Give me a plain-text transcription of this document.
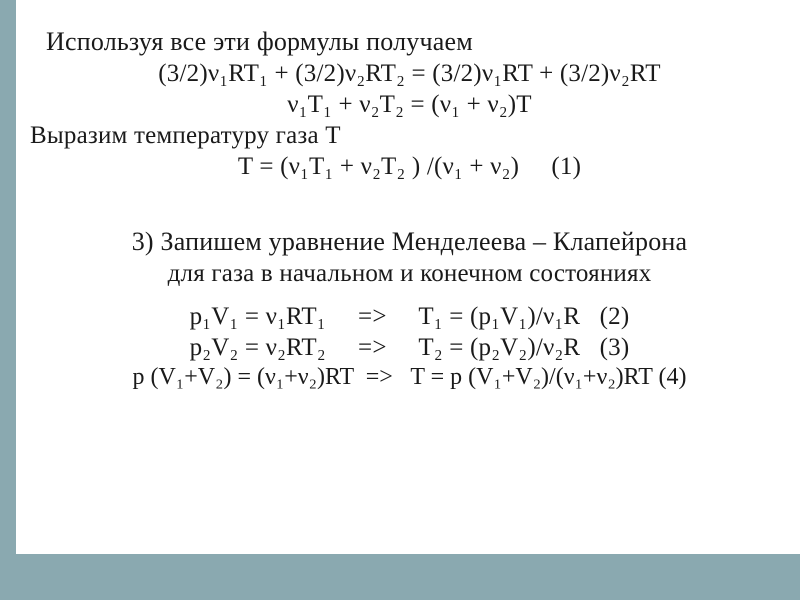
Используя все эти формулы получаем
(3/2)ν₁RT₁ + (3/2)ν₂RT₂ = (3/2)ν₁RT + (3/2)ν₂RT
ν₁T₁ + ν₂T₂ = (ν₁ + ν₂)T
Выразим температуру газа T
T = (ν₁T₁ + ν₂T₂ ) /(ν₁ + ν₂)     (1)
3) Запишем уравнение Менделеева – Клапейрона
для газа в начальном и конечном состояниях
p₁V₁ = ν₁RT₁     =>     T₁ = (p₁V₁)/ν₁R   (2)
p₂V₂ = ν₂RT₂     =>     T₂ = (p₂V₂)/ν₂R   (3)
p (V₁+V₂) = (ν₁+ν₂)RT  =>   T = p (V₁+V₂)/(ν₁+ν₂)RT (4)
